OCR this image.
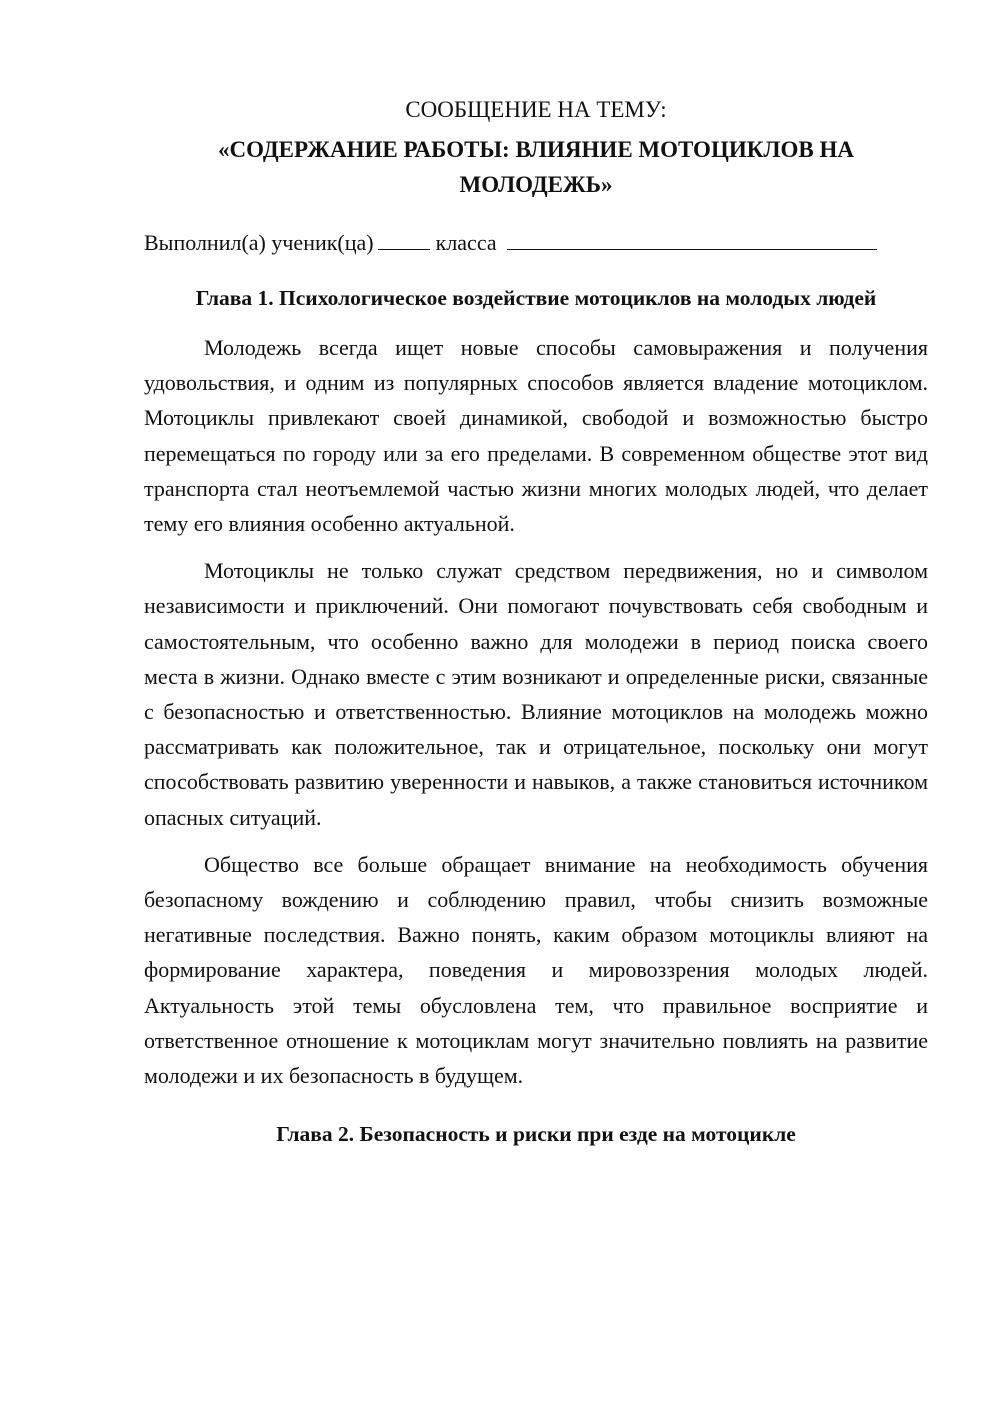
СООБЩЕНИЕ НА ТЕМУ:

«СОДЕРЖАНИЕ РАБОТЫ: ВЛИЯНИЕ МОТОЦИКЛОВ НА МОЛОДЕЖЬ»

Выполнил(а) ученик(ца)	класса

Глава 1. Психологическое воздействие мотоциклов на молодых людей

Молодежь всегда ищет новые способы самовыражения и получения удовольствия, и одним из популярных способов является владение мотоциклом. Мотоциклы привлекают своей динамикой, свободой и возможностью быстро перемещаться по городу или за его пределами. В современном обществе этот вид транспорта стал неотъемлемой частью жизни многих молодых людей, что делает тему его влияния особенно актуальной.

Мотоциклы не только служат средством передвижения, но и символом независимости и приключений. Они помогают почувствовать себя свободным и самостоятельным, что особенно важно для молодежи в период поиска своего места в жизни. Однако вместе с этим возникают и определенные риски, связанные с безопасностью и ответственностью. Влияние мотоциклов на молодежь можно рассматривать как положительное, так и отрицательное, поскольку они могут способствовать развитию уверенности и навыков, а также становиться источником опасных ситуаций.

Общество все больше обращает внимание на необходимость обучения безопасному вождению и соблюдению правил, чтобы снизить возможные негативные последствия. Важно понять, каким образом мотоциклы влияют на формирование характера, поведения и мировоззрения молодых людей. Актуальность этой темы обусловлена тем, что правильное восприятие и ответственное отношение к мотоциклам могут значительно повлиять на развитие молодежи и их безопасность в будущем.

Глава 2. Безопасность и риски при езде на мотоцикле
